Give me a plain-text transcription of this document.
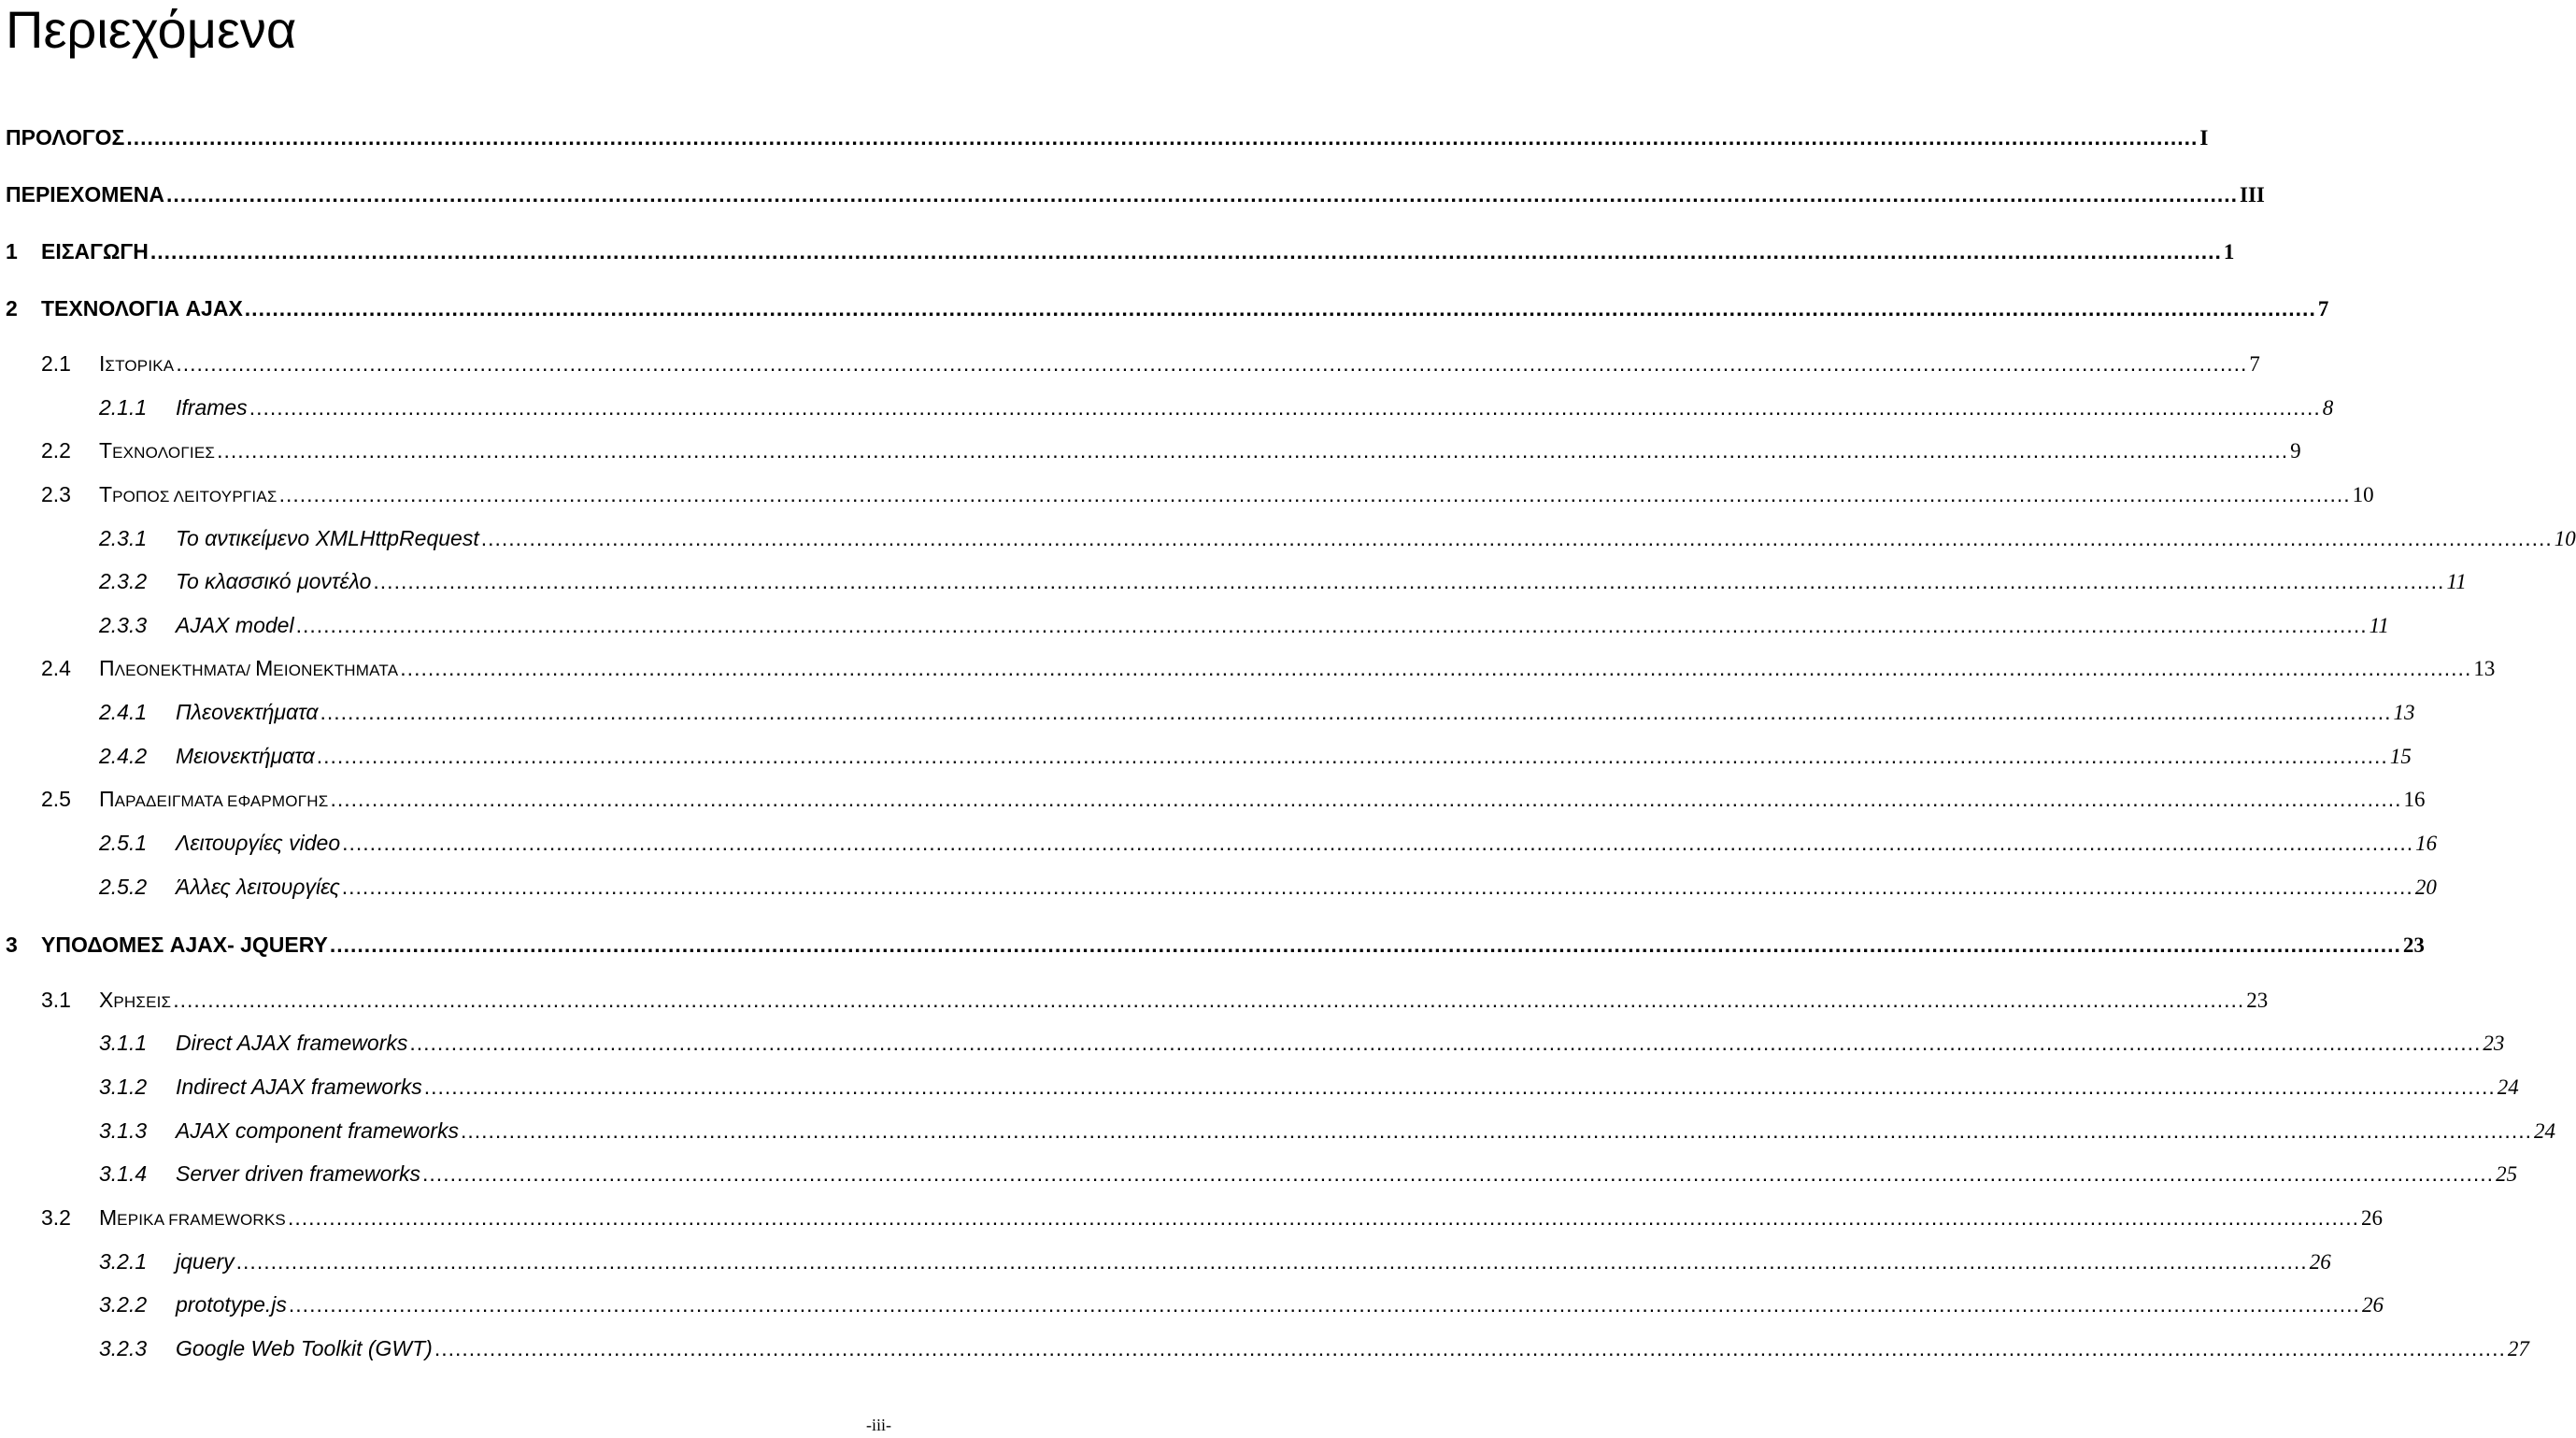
Περιεχόμενα
ΠΡΟΛΟΓΟΣ ............................................................................................................................................................................................................................................................................................................ I
ΠΕΡΙΕΧΟΜΕΝΑ ............................................................................................................................................................................................................................................................................................................ III
1	ΕΙΣΑΓΩΓΗ ............................................................................................................................................................................................................................................................................................................ 1
2	ΤΕΧΝΟΛΟΓΙΑ AJAX ............................................................................................................................................................................................................................................................................................................ 7
2.1	ΙΣΤΟΡΙΚΑ ............................................................................................................................................................................................................................................................................................................ 7
2.1.1	Iframes ............................................................................................................................................................................................................................................................................................................ 8
2.2	ΤΕΧΝΟΛΟΓΙΕΣ ............................................................................................................................................................................................................................................................................................................ 9
2.3	ΤΡΟΠΟΣ ΛΕΙΤΟΥΡΓΙΑΣ ............................................................................................................................................................................................................................................................................................................ 10
2.3.1	Το αντικείμενο XMLHttpRequest ............................................................................................................................................................................................................................................................................................................ 10
2.3.2	Το κλασσικό μοντέλο ............................................................................................................................................................................................................................................................................................................ 11
2.3.3	AJAX model ............................................................................................................................................................................................................................................................................................................ 11
2.4	ΠΛΕΟΝΕΚΤΗΜΑΤΑ/ ΜΕΙΟΝΕΚΤΗΜΑΤΑ ............................................................................................................................................................................................................................................................................................................ 13
2.4.1	Πλεονεκτήματα ............................................................................................................................................................................................................................................................................................................ 13
2.4.2	Μειονεκτήματα ............................................................................................................................................................................................................................................................................................................ 15
2.5	ΠΑΡΑΔΕΙΓΜΑΤΑ ΕΦΑΡΜΟΓΗΣ ............................................................................................................................................................................................................................................................................................................ 16
2.5.1	Λειτουργίες video ............................................................................................................................................................................................................................................................................................................ 16
2.5.2	Άλλες λειτουργίες ............................................................................................................................................................................................................................................................................................................ 20
3	ΥΠΟΔΟΜΕΣ AJAX- JQUERY ............................................................................................................................................................................................................................................................................................................ 23
3.1	ΧΡΗΣΕΙΣ ............................................................................................................................................................................................................................................................................................................ 23
3.1.1	Direct AJAX frameworks ............................................................................................................................................................................................................................................................................................................ 23
3.1.2	Indirect AJAX frameworks ............................................................................................................................................................................................................................................................................................................ 24
3.1.3	AJAX component frameworks ............................................................................................................................................................................................................................................................................................................ 24
3.1.4	Server driven frameworks ............................................................................................................................................................................................................................................................................................................ 25
3.2	ΜΕΡΙΚΑ FRAMEWORKS ............................................................................................................................................................................................................................................................................................................ 26
3.2.1	jquery ............................................................................................................................................................................................................................................................................................................ 26
3.2.2	prototype.js ............................................................................................................................................................................................................................................................................................................ 26
3.2.3	Google Web Toolkit (GWT) ............................................................................................................................................................................................................................................................................................................ 27
-iii-
